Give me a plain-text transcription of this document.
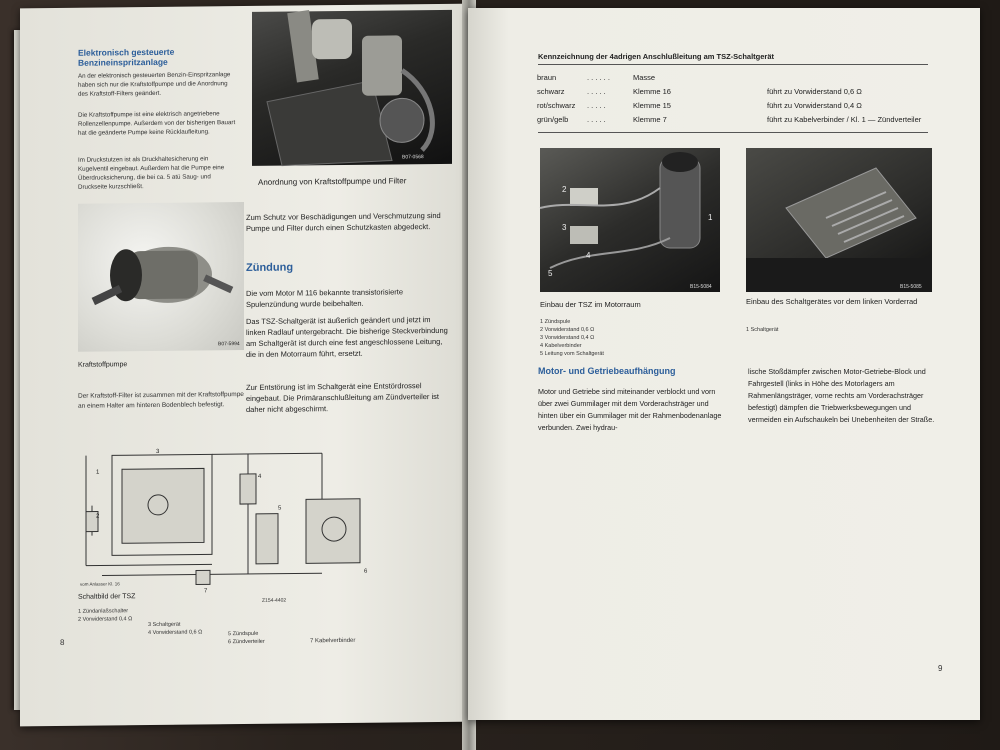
Elektronisch gesteuerte Benzineinspritzanlage
An der elektronisch gesteuerten Benzin-Einspritzanlage haben sich nur die Kraftstoffpumpe und die Anordnung des Kraftstoff-Filters geändert.
Die Kraftstoffpumpe ist eine elektrisch angetriebene Rollenzellenpumpe. Außerdem von der bisherigen Bauart hat die geänderte Pumpe keine Rücklaufleitung.
Im Druckstutzen ist als Druckhaltesicherung ein Kugelventil eingebaut. Außerdem hat die Pumpe eine Überdrucksicherung, die bei ca. 5 atü Saug- und Druckseite kurzschließt.
B07-0568
Anordnung von Kraftstoffpumpe und Filter
Zum Schutz vor Beschädigungen und Verschmutzung sind Pumpe und Filter durch einen Schutzkasten abgedeckt.
Zündung
Die vom Motor M 116 bekannte transistorisierte Spulenzündung wurde beibehalten.
Das TSZ-Schaltgerät ist äußerlich geändert und jetzt im linken Radlauf untergebracht. Die bisherige Steckverbindung am Schaltgerät ist durch eine fest angeschlossene Leitung, die in den Motorraum führt, ersetzt.
Zur Entstörung ist im Schaltgerät eine Entstördrossel eingebaut. Die Primäranschlußleitung am Zündverteiler ist daher nicht abgeschirmt.
B07-5994
Kraftstoffpumpe
Der Kraftstoff-Filter ist zusammen mit der Kraftstoffpumpe an einem Halter am hinteren Bodenblech befestigt.
1
2
3
4
5
6
7
vom Anlasser Kl. 16
Z154-4402
Schaltbild der TSZ
1 Zündanlaßschalter
2 Vorwiderstand 0,4 Ω
3 Schaltgerät
4 Vorwiderstand 0,6 Ω	5 Zündspule
6 Zündverteiler	7 Kabelverbinder
8
Kennzeichnung der 4adrigen Anschlußleitung am TSZ-Schaltgerät
braun	. . . . . .	Masse	
schwarz	. . . . .	Klemme 16	führt zu Vorwiderstand 0,6 Ω
rot/schwarz	. . . . .	Klemme 15	führt zu Vorwiderstand 0,4 Ω
grün/gelb	. . . . .	Klemme 7	führt zu Kabelverbinder / Kl. 1 — Zündverteiler
2
3
4
5
1
B15-5084
Einbau der TSZ im Motorraum
1 Zündspule
2 Vorwiderstand 0,6 Ω
3 Vorwiderstand 0,4 Ω
4 Kabelverbinder
5 Leitung vom Schaltgerät
B15-5085
Einbau des Schaltgerätes vor dem linken Vorderrad
1 Schaltgerät
Motor- und Getriebeaufhängung
Motor und Getriebe sind miteinander verblockt und vorn über zwei Gummilager mit dem Vorderachsträger und hinten über ein Gummilager mit der Rahmenbodenanlage verbunden. Zwei hydrau-
lische Stoßdämpfer zwischen Motor-Getriebe-Block und Fahrgestell (links in Höhe des Motorlagers am Rahmenlängsträger, vorne rechts am Vorderachsträger befestigt) dämpfen die Triebwerksbewegungen und vermeiden ein Aufschaukeln bei Unebenheiten der Straße.
9
